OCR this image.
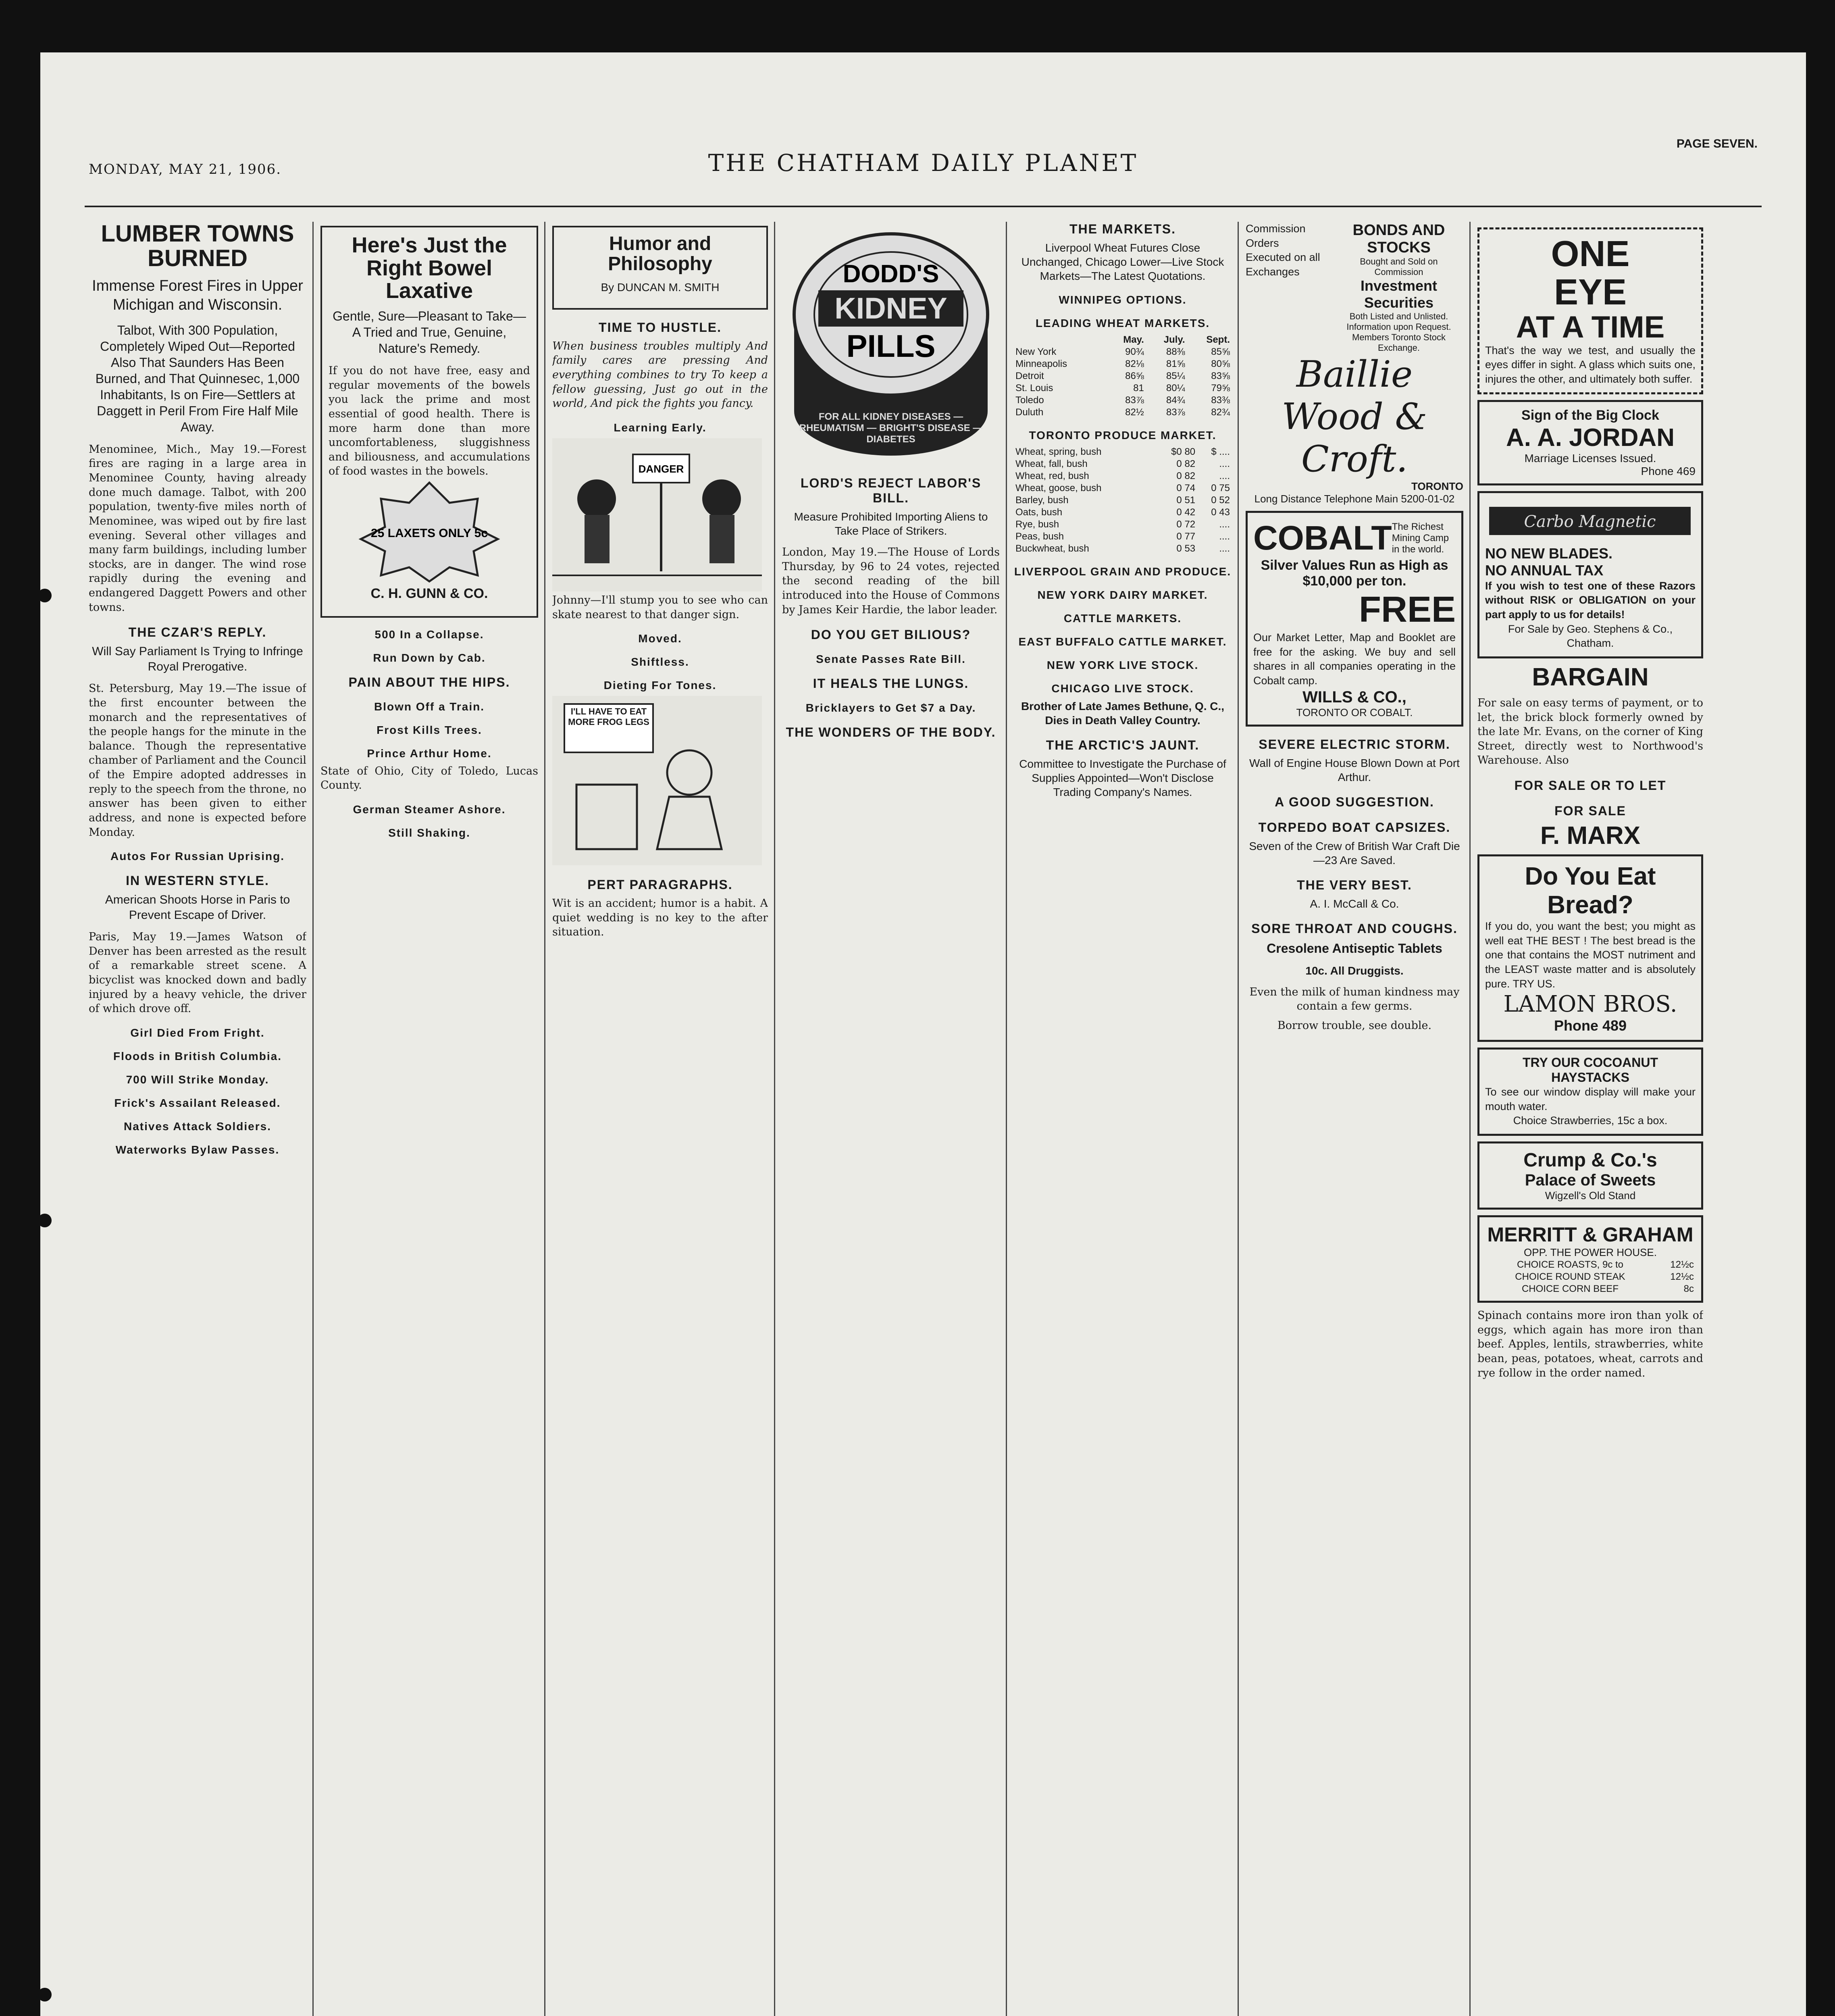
MONDAY, MAY 21, 1906.	THE CHATHAM DAILY PLANET
PAGE SEVEN.
LUMBER TOWNS BURNED
Immense Forest Fires in Upper Michigan and Wisconsin.
Talbot, With 300 Population, Completely Wiped Out—Reported Also That Saunders Has Been Burned, and That Quinnesec, 1,000 Inhabitants, Is on Fire—Settlers at Daggett in Peril From Fire Half Mile Away.
Menominee, Mich., May 19.—Forest fires are raging in a large area in Menominee County, having already done much damage. Talbot, with 200 population, twenty-five miles north of Menominee, was wiped out by fire last evening. Several other villages and many farm buildings, including lumber stocks, are in danger. The wind rose rapidly during the evening and endangered Daggett Powers and other towns.
THE CZAR'S REPLY.
Will Say Parliament Is Trying to Infringe Royal Prerogative.
St. Petersburg, May 19.—The issue of the first encounter between the monarch and the representatives of the people hangs for the minute in the balance. Though the representative chamber of Parliament and the Council of the Empire adopted addresses in reply to the speech from the throne, no answer has been given to either address, and none is expected before Monday.
Autos For Russian Uprising.
IN WESTERN STYLE.
American Shoots Horse in Paris to Prevent Escape of Driver.
Paris, May 19.—James Watson of Denver has been arrested as the result of a remarkable street scene. A bicyclist was knocked down and badly injured by a heavy vehicle, the driver of which drove off.
Girl Died From Fright.
Floods in British Columbia.
700 Will Strike Monday.
Frick's Assailant Released.
Natives Attack Soldiers.
Waterworks Bylaw Passes.
Here's Just the Right Bowel Laxative
Gentle, Sure—Pleasant to Take—A Tried and True, Genuine, Nature's Remedy.
If you do not have free, easy and regular movements of the bowels you lack the prime and most essential of good health. There is more harm done than more uncomfortableness, sluggishness and biliousness, and accumulations of food wastes in the bowels.
25 LAXETS ONLY 5c
C. H. GUNN & CO.
500 In a Collapse.
Run Down by Cab.
PAIN ABOUT THE HIPS.
Blown Off a Train.
Frost Kills Trees.
Prince Arthur Home.
State of Ohio, City of Toledo, Lucas County.
German Steamer Ashore.
Still Shaking.
Humor and Philosophy
By DUNCAN M. SMITH
TIME TO HUSTLE.
When business troubles multiply And family cares are pressing And everything combines to try To keep a fellow guessing, Just go out in the world, And pick the fights you fancy.
Learning Early.
DANGER
Johnny—I'll stump you to see who can skate nearest to that danger sign.
Moved.
Shiftless.
Dieting For Tones.
I'LL HAVE TO EAT MORE FROG LEGS
PERT PARAGRAPHS.
Wit is an accident; humor is a habit. A quiet wedding is no key to the after situation.
DODD'S
KIDNEY
PILLS
FOR ALL KIDNEY DISEASES — RHEUMATISM — BRIGHT'S DISEASE — DIABETES
LORD'S REJECT LABOR'S BILL.
Measure Prohibited Importing Aliens to Take Place of Strikers.
London, May 19.—The House of Lords Thursday, by 96 to 24 votes, rejected the second reading of the bill introduced into the House of Commons by James Keir Hardie, the labor leader.
DO YOU GET BILIOUS?
Senate Passes Rate Bill.
IT HEALS THE LUNGS.
Bricklayers to Get $7 a Day.
THE WONDERS OF THE BODY.
THE MARKETS.
Liverpool Wheat Futures Close Unchanged, Chicago Lower—Live Stock Markets—The Latest Quotations.
WINNIPEG OPTIONS.
LEADING WHEAT MARKETS.
	May.	July.	Sept.
New York	90¾	88⅜	85⅝
Minneapolis	82⅛	81⅝	80⅝
Detroit	86⅝	85¼	83⅝
St. Louis	81	80¼	79⅝
Toledo	83⅞	84¾	83⅜
Duluth	82½	83⅞	82¾
TORONTO PRODUCE MARKET.
Wheat, spring, bush	$0 80	$ ....
Wheat, fall, bush	0 82	....
Wheat, red, bush	0 82	....
Wheat, goose, bush	0 74	0 75
Barley, bush	0 51	0 52
Oats, bush	0 42	0 43
Rye, bush	0 72	....
Peas, bush	0 77	....
Buckwheat, bush	0 53	....
LIVERPOOL GRAIN AND PRODUCE.
NEW YORK DAIRY MARKET.
CATTLE MARKETS.
EAST BUFFALO CATTLE MARKET.
NEW YORK LIVE STOCK.
CHICAGO LIVE STOCK.
Brother of Late James Bethune, Q. C., Dies in Death Valley Country.
THE ARCTIC'S JAUNT.
Committee to Investigate the Purchase of Supplies Appointed—Won't Disclose Trading Company's Names.
Commission Orders Executed on all Exchanges
BONDS AND STOCKS
Bought and Sold on Commission
Investment Securities
Both Listed and Unlisted. Information upon Request. Members Toronto Stock Exchange.
Baillie Wood & Croft.
TORONTO
Long Distance Telephone Main 5200-01-02
COBALT The Richest Mining Camp in the world.
Silver Values Run as High as $10,000 per ton.
FREE
Our Market Letter, Map and Booklet are free for the asking. We buy and sell shares in all companies operating in the Cobalt camp.
WILLS & CO.,
TORONTO OR COBALT.
SEVERE ELECTRIC STORM.
Wall of Engine House Blown Down at Port Arthur.
A GOOD SUGGESTION.
TORPEDO BOAT CAPSIZES.
Seven of the Crew of British War Craft Die—23 Are Saved.
THE VERY BEST.
A. I. McCall & Co.
SORE THROAT AND COUGHS.
Cresolene Antiseptic Tablets
10c. All Druggists.
Even the milk of human kindness may contain a few germs.
Borrow trouble, see double.
ONE
EYE
AT A TIME
That's the way we test, and usually the eyes differ in sight. A glass which suits one, injures the other, and ultimately both suffer.
Sign of the Big Clock
A. A. JORDAN
Marriage Licenses Issued.
Phone 469
Carbo Magnetic
NO NEW BLADES.
NO ANNUAL TAX
If you wish to test one of these Razors without RISK or OBLIGATION on your part apply to us for details!
For Sale by Geo. Stephens & Co., Chatham.
BARGAIN
For sale on easy terms of payment, or to let, the brick block formerly owned by the late Mr. Evans, on the corner of King Street, directly west to Northwood's Warehouse. Also
FOR SALE OR TO LET
FOR SALE
F. MARX
Do You Eat
Bread?
If you do, you want the best; you might as well eat THE BEST ! The best bread is the one that contains the MOST nutriment and the LEAST waste matter and is absolutely pure. TRY US.
LAMON BROS.
Phone 489
TRY OUR COCOANUT HAYSTACKS
To see our window display will make your mouth water.
Choice Strawberries, 15c a box.
Crump & Co.'s
Palace of Sweets
Wigzell's Old Stand
MERRITT & GRAHAM
OPP. THE POWER HOUSE.
CHOICE ROASTS, 9c to	12½c
CHOICE ROUND STEAK	12½c
CHOICE CORN BEEF	8c
Spinach contains more iron than yolk of eggs, which again has more iron than beef. Apples, lentils, strawberries, white bean, peas, potatoes, wheat, carrots and rye follow in the order named.
